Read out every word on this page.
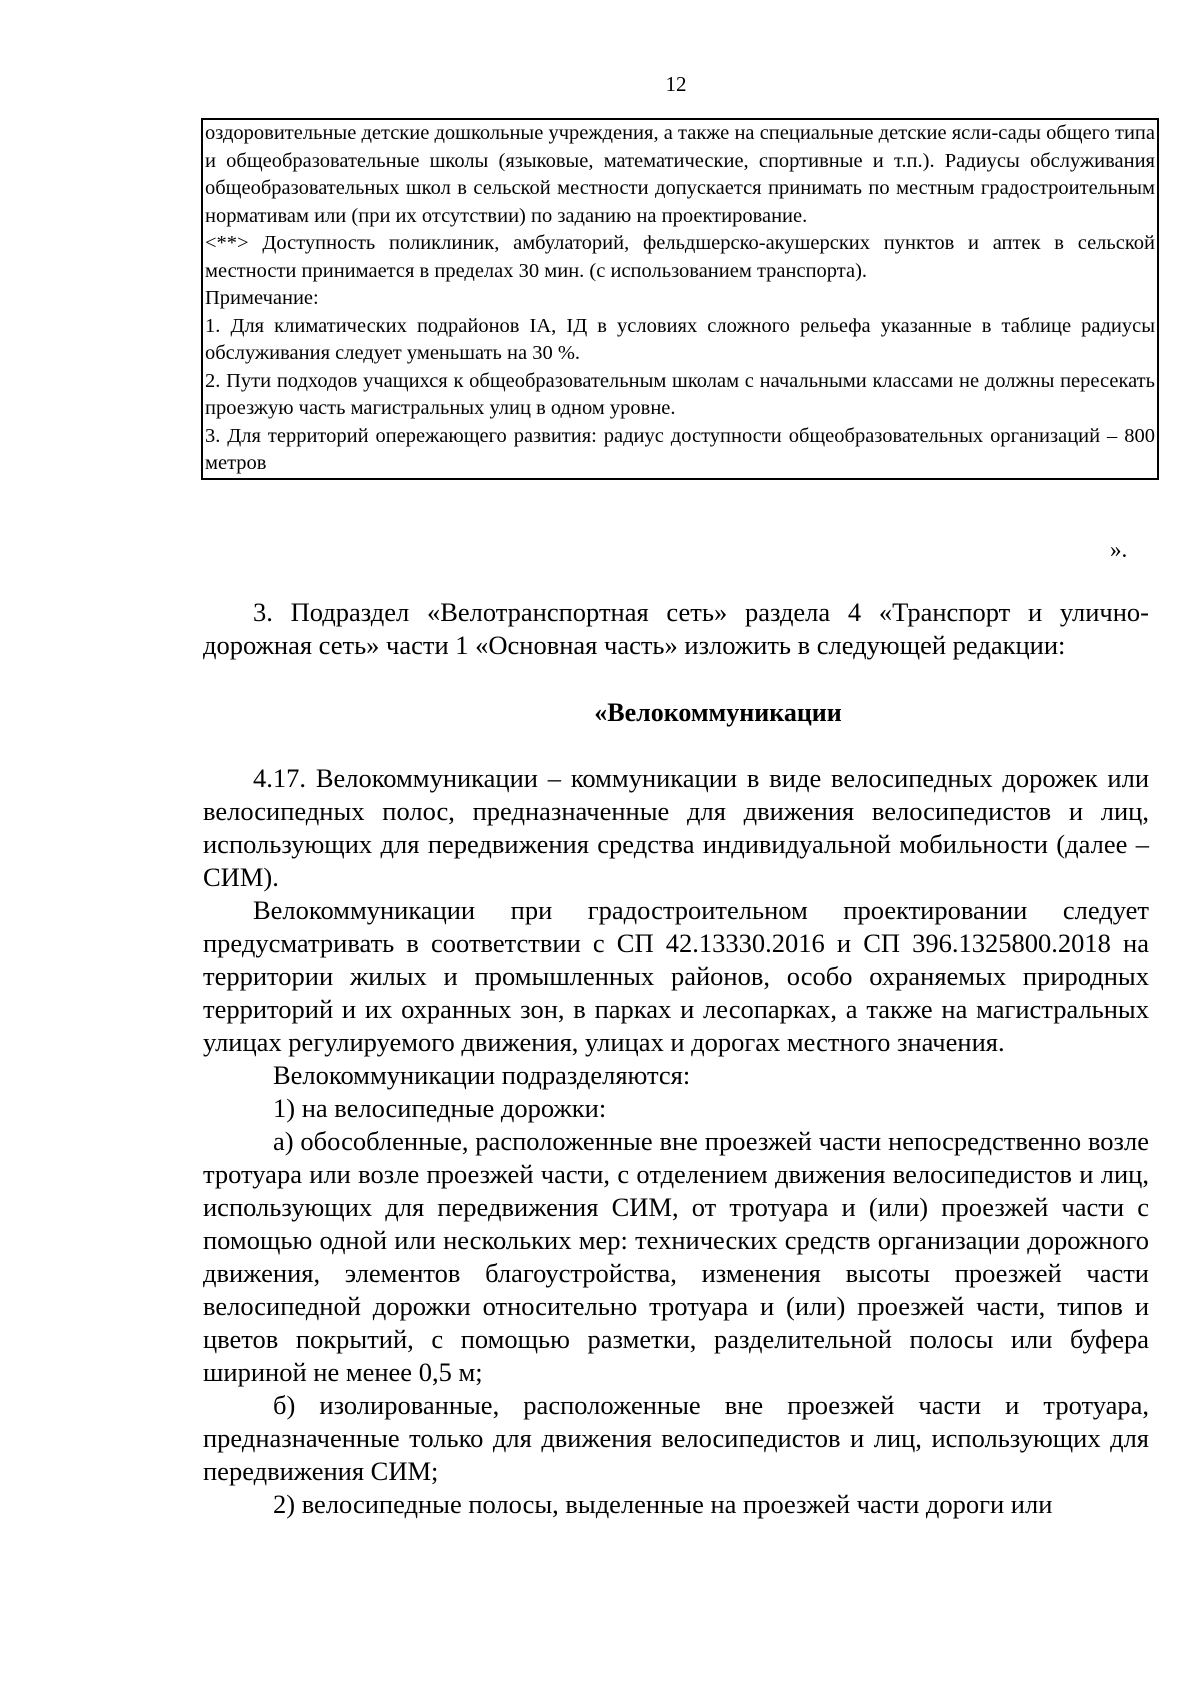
12

оздоровительные детские дошкольные учреждения, а также на специальные детские ясли-сады общего типа и общеобразовательные школы (языковые, математические, спортивные и т.п.). Радиусы обслуживания общеобразовательных школ в сельской местности допускается принимать по местным градостроительным нормативам или (при их отсутствии) по заданию на проектирование.

<**> Доступность поликлиник, амбулаторий, фельдшерско-акушерских пунктов и аптек в сельской местности принимается в пределах 30 мин. (с использованием транспорта).

Примечание:

1. Для климатических подрайонов IA, IД в условиях сложного рельефа указанные в таблице радиусы обслуживания следует уменьшать на 30 %.

2. Пути подходов учащихся к общеобразовательным школам с начальными классами не должны пересекать проезжую часть магистральных улиц в одном уровне.

3. Для территорий опережающего развития: радиус доступности общеобразовательных организаций – 800 метров

».

3. Подраздел «Велотранспортная сеть» раздела 4 «Транспорт и улично-дорожная сеть» части 1 «Основная часть» изложить в следующей редакции:

«Велокоммуникации

4.17. Велокоммуникации – коммуникации в виде велосипедных дорожек или велосипедных полос, предназначенные для движения велосипедистов и лиц, использующих для передвижения средства индивидуальной мобильности (далее – СИМ).

Велокоммуникации при градостроительном проектировании следует предусматривать в соответствии с СП 42.13330.2016 и СП 396.1325800.2018 на территории жилых и промышленных районов, особо охраняемых природных территорий и их охранных зон, в парках и лесопарках, а также на магистральных улицах регулируемого движения, улицах и дорогах местного значения.

Велокоммуникации подразделяются:

1) на велосипедные дорожки:

а) обособленные, расположенные вне проезжей части непосредственно возле тротуара или возле проезжей части, с отделением движения велосипедистов и лиц, использующих для передвижения СИМ, от тротуара и (или) проезжей части с помощью одной или нескольких мер: технических средств организации дорожного движения, элементов благоустройства, изменения высоты проезжей части велосипедной дорожки относительно тротуара и (или) проезжей части, типов и цветов покрытий, с помощью разметки, разделительной полосы или буфера шириной не менее 0,5 м;

б) изолированные, расположенные вне проезжей части и тротуара, предназначенные только для движения велосипедистов и лиц, использующих для передвижения СИМ;

2) велосипедные полосы, выделенные на проезжей части дороги или
